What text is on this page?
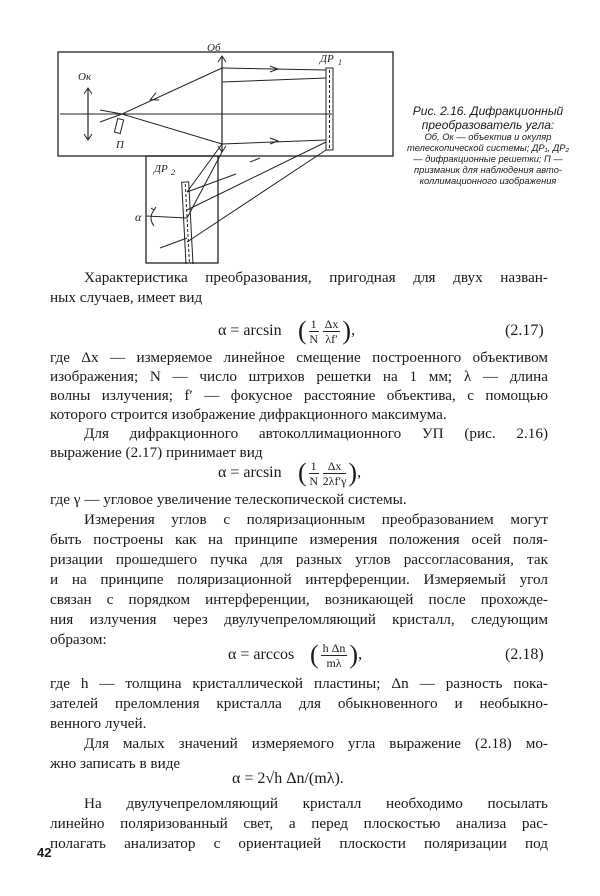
Ок
Об
ДР 1
ДР 2
П
α
Рис. 2.16. Дифракционный преобразователь угла:
Об, Ок — объектив и окуляр телескопической системы; ДР₁, ДР₂ — дифракционные решетки; П — призманик для наблюдения автоколлимационного изображения

Характеристика преобразования, пригодная для двух назван-

ных случаев, имеет вид

α = arcsin ( $\frac{1}{N} \frac{\Delta x}{\lambda f'}$ ),	(2.17)

где Δx — измеряемое линейное смещение построенного объективом

изображения; N — число штрихов решетки на 1 мм; λ — длина

волны излучения; f′ — фокусное расстояние объектива, с помощью

которого строится изображение дифракционного максимума.

Для дифракционного автоколлимационного УП (рис. 2.16)

выражение (2.17) принимает вид

α = arcsin ( $\frac{1}{N} \frac{\Delta x}{2\lambda f'\gamma}$ ),

где γ — угловое увеличение телескопической системы.

Измерения углов с поляризационным преобразованием могут

быть построены как на принципе измерения положения осей поля-

ризации прошедшего пучка для разных углов рассогласования, так

и на принципе поляризационной интерференции. Измеряемый угол

связан с порядком интерференции, возникающей после прохожде-

ния излучения через двулучепреломляющий кристалл, следующим

образом:

α = arccos ( $\frac{\text{h Δn}}{m\lambda}$ ),	(2.18)

где h — толщина кристаллической пластины; Δn — разность пока-

зателей преломления кристалла для обыкновенного и необыкно-

венного лучей.

Для малых значений измеряемого угла выражение (2.18) мо-

жно записать в виде

α = 2√h Δn/(mλ).

На двулучепреломляющий кристалл необходимо посылать

линейно поляризованный свет, а перед плоскостью анализа рас-

полагать анализатор с ориентацией плоскости поляризации под

42
